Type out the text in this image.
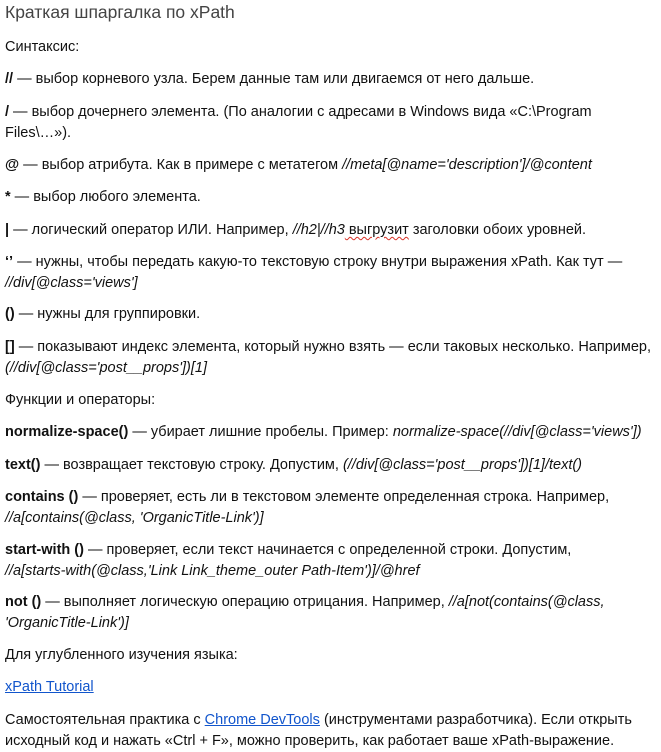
Краткая шпаргалка по xPath

Синтаксис:

// — выбор корневого узла. Берем данные там или двигаемся от него дальше.

/ — выбор дочернего элемента. (По аналогии с адресами в Windows вида «C:\Program
Files\…»).

@ — выбор атрибута. Как в примере с метатегом //meta[@name='description']/@content

* — выбор любого элемента.

| — логический оператор ИЛИ. Например, //h2|//h3 выгрузит заголовки обоих уровней.

‘’ — нужны, чтобы передать какую-то текстовую строку внутри выражения xPath. Как тут —
//div[@class='views']

() — нужны для группировки.

[] — показывают индекс элемента, который нужно взять — если таковых несколько. Например,
(//div[@class='post__props'])[1]

Функции и операторы:

normalize-space() — убирает лишние пробелы. Пример: normalize-space(//div[@class='views'])

text() — возвращает текстовую строку. Допустим, (//div[@class='post__props'])[1]/text()

contains () — проверяет, есть ли в текстовом элементе определенная строка. Например,
//a[contains(@class, 'OrganicTitle-Link')]

start-with () — проверяет, если текст начинается с определенной строки. Допустим,
//a[starts-with(@class,'Link Link_theme_outer Path-Item')]/@href

not () — выполняет логическую операцию отрицания. Например, //a[not(contains(@class,
'OrganicTitle-Link')]

Для углубленного изучения языка:

xPath Tutorial

Самостоятельная практика с Chrome DevTools (инструментами разработчика). Если открыть
исходный код и нажать «Ctrl + F», можно проверить, как работает ваше xPath-выражение.
